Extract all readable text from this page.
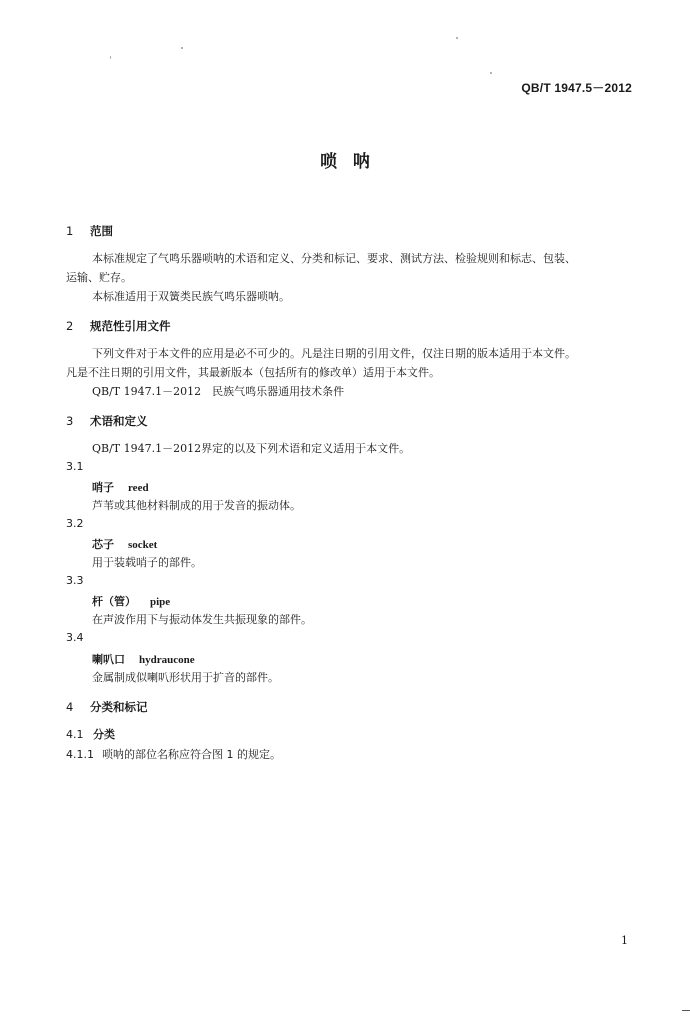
QB/T 1947.5－2012
唢呐
1 范围
本标准规定了气鸣乐器唢呐的术语和定义、分类和标记、要求、测试方法、检验规则和标志、包装、
运输、贮存。
本标准适用于双簧类民族气鸣乐器唢呐。
2 规范性引用文件
下列文件对于本文件的应用是必不可少的。凡是注日期的引用文件，仅注日期的版本适用于本文件。
凡是不注日期的引用文件，其最新版本（包括所有的修改单）适用于本文件。
QB/T 1947.1－2012　民族气鸣乐器通用技术条件
3 术语和定义
QB/T 1947.1－2012界定的以及下列术语和定义适用于本文件。
3.1
哨子 reed
芦苇或其他材料制成的用于发音的振动体。
3.2
芯子 socket
用于装载哨子的部件。
3.3
杆（管） pipe
在声波作用下与振动体发生共振现象的部件。
3.4
喇叭口 hydraucone
金属制成似喇叭形状用于扩音的部件。
4 分类和标记
4.1 分类
4.1.1 唢呐的部位名称应符合图 1 的规定。
1
